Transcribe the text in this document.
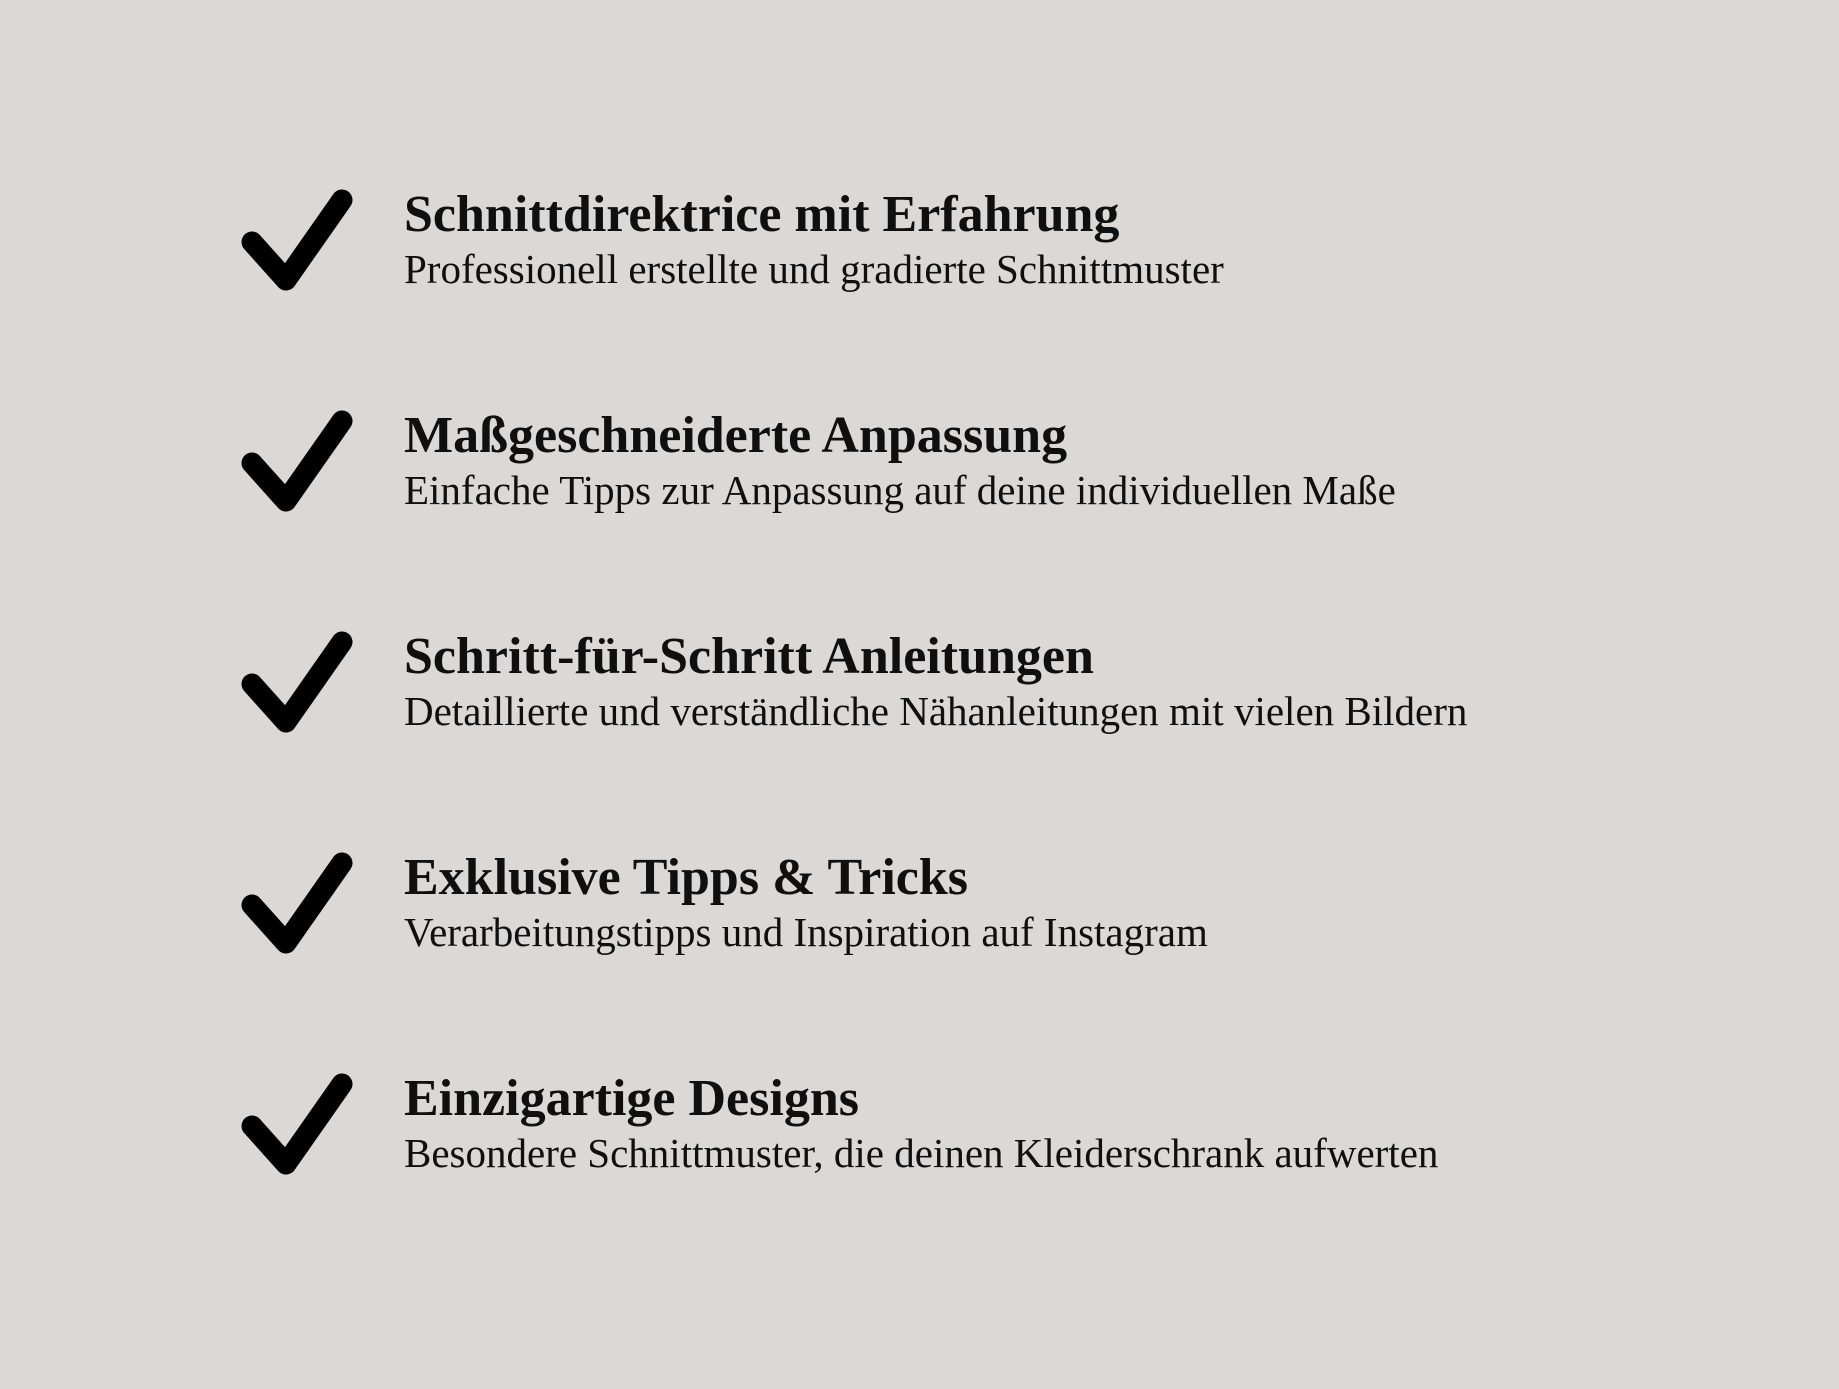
Schnittdirektrice mit Erfahrung
Professionell erstellte und gradierte Schnittmuster
Maßgeschneiderte Anpassung
Einfache Tipps zur Anpassung auf deine individuellen Maße
Schritt-für-Schritt Anleitungen
Detaillierte und verständliche Nähanleitungen mit vielen Bildern
Exklusive Tipps & Tricks
Verarbeitungstipps und Inspiration auf Instagram
Einzigartige Designs
Besondere Schnittmuster, die deinen Kleiderschrank aufwerten
